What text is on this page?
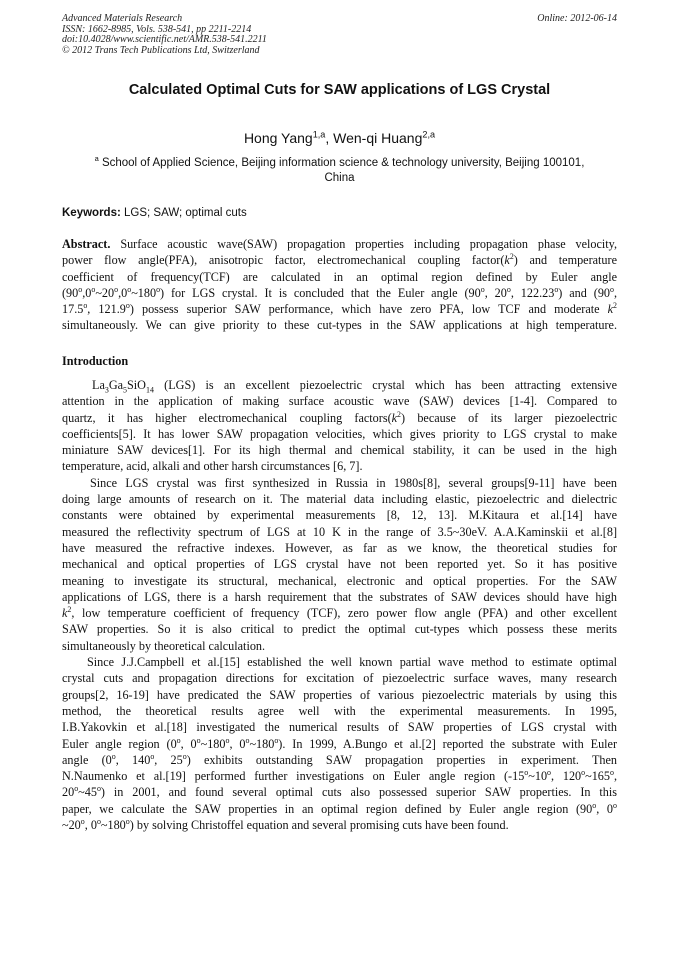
Advanced Materials Research
ISSN: 1662-8985, Vols. 538-541, pp 2211-2214
doi:10.4028/www.scientific.net/AMR.538-541.2211
© 2012 Trans Tech Publications Ltd, Switzerland
Online: 2012-06-14
Calculated Optimal Cuts for SAW applications of LGS Crystal
Hong Yang$^{1,a}$, Wen-qi Huang$^{2,a}$
$^a$ School of Applied Science, Beijing information science & technology university, Beijing 100101,
China
Keywords: LGS; SAW; optimal cuts
Abstract. Surface acoustic wave(SAW) propagation properties including propagation phase velocity,
power flow angle(PFA), anisotropic factor, electromechanical coupling $factor(k^2)$ and temperature
coefficient of frequency(TCF) are calculated in an optimal region defined by Euler angle
(90$^o$,0$^o$~20$^o$,0$^o$~180$^o$) for LGS crystal. It is concluded that the Euler angle (90$^o$, 20$^o$, 122.23$^o$) and (90$^o$,
17.5$^o$, 121.9$^o$) possess superior SAW performance, which have zero PFA, low TCF and moderate $k^2$
simultaneously. We can give priority to these cut-types in the SAW applications at high temperature.
Introduction
$La_3Ga_5SiO_{14}$ (LGS) is an excellent piezoelectric crystal which has been attracting extensive
attention in the application of making surface acoustic wave (SAW) devices [1-4]. Compared to
quartz, it has higher electromechanical coupling $factors(k^2)$ because of its larger piezoelectric
coefficients[5]. It has lower SAW propagation velocities, which gives priority to LGS crystal to make
miniature SAW devices[1]. For its high thermal and chemical stability, it can be used in the high
temperature, acid, alkali and other harsh circumstances [6, 7].
Since LGS crystal was first synthesized in Russia in 1980s[8], several groups[9-11] have been
doing large amounts of research on it. The material data including elastic, piezoelectric and dielectric
constants were obtained by experimental measurements [8, 12, 13]. M.Kitaura et al.[14] have
measured the reflectivity spectrum of LGS at 10 K in the range of 3.5~30eV. A.A.Kaminskii et al.[8]
have measured the refractive indexes. However, as far as we know, the theoretical studies for
mechanical and optical properties of LGS crystal have not been reported yet. So it has positive
meaning to investigate its structural, mechanical, electronic and optical properties. For the SAW
applications of LGS, there is a harsh requirement that the substrates of SAW devices should have high
$k^2$, low temperature coefficient of frequency (TCF), zero power flow angle (PFA) and other excellent
SAW properties. So it is also critical to predict the optimal cut-types which possess these merits
simultaneously by theoretical calculation.
Since J.J.Campbell et al.[15] established the well known partial wave method to estimate optimal
crystal cuts and propagation directions for excitation of piezoelectric surface waves, many research
groups[2, 16-19] have predicated the SAW properties of various piezoelectric materials by using this
method, the theoretical results agree well with the experimental measurements. In 1995,
I.B.Yakovkin et al.[18] investigated the numerical results of SAW properties of LGS crystal with
Euler angle region (0$^o$, 0$^o$~180$^o$, 0$^o$~180$^o$). In 1999, A.Bungo et al.[2] reported the substrate with Euler
angle (0$^o$, 140$^o$, 25$^o$) exhibits outstanding SAW propagation properties in experiment. Then
N.Naumenko et al.[19] performed further investigations on Euler angle region (-15$^o$~10$^o$, 120$^o$~165$^o$,
20$^o$~45$^o$) in 2001, and found several optimal cuts also possessed superior SAW properties. In this
paper, we calculate the SAW properties in an optimal region defined by Euler angle region (90$^o$, 0$^o$
~20$^o$, 0$^o$~180$^o$) by solving Christoffel equation and several promising cuts have been found.
